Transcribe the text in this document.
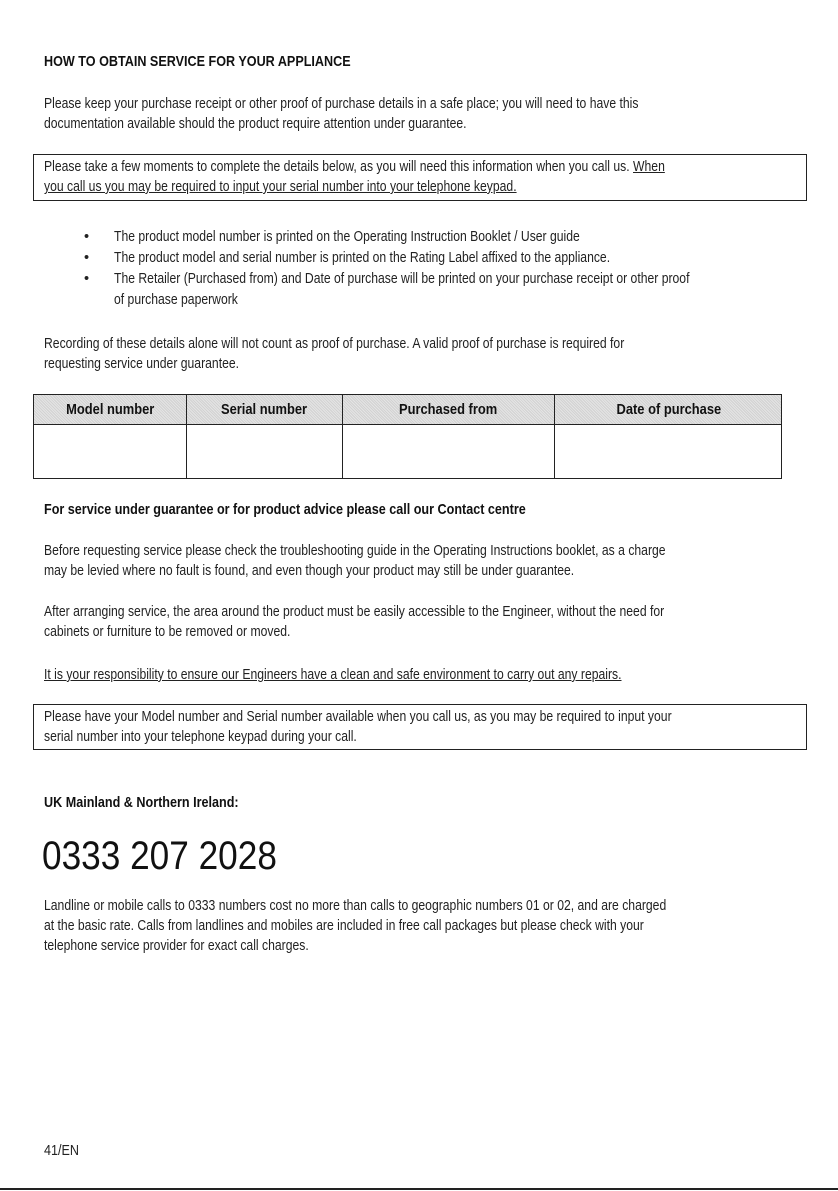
HOW TO OBTAIN SERVICE FOR YOUR APPLIANCE
Please keep your purchase receipt or other proof of purchase details in a safe place; you will need to have this
documentation available should the product require attention under guarantee.
Please take a few moments to complete the details below, as you will need this information when you call us. When
you call us you may be required to input your serial number into your telephone keypad.
• The product model number is printed on the Operating Instruction Booklet / User guide
• The product model and serial number is printed on the Rating Label affixed to the appliance.
• The Retailer (Purchased from) and Date of purchase will be printed on your purchase receipt or other proof
of purchase paperwork
Recording of these details alone will not count as proof of purchase. A valid proof of purchase is required for
requesting service under guarantee.
Model number	Serial number	Purchased from	Date of purchase
For service under guarantee or for product advice please call our Contact centre
Before requesting service please check the troubleshooting guide in the Operating Instructions booklet, as a charge
may be levied where no fault is found, and even though your product may still be under guarantee.
After arranging service, the area around the product must be easily accessible to the Engineer, without the need for
cabinets or furniture to be removed or moved.
It is your responsibility to ensure our Engineers have a clean and safe environment to carry out any repairs.
Please have your Model number and Serial number available when you call us, as you may be required to input your
serial number into your telephone keypad during your call.
UK Mainland & Northern Ireland:
0333 207 2028
Landline or mobile calls to 0333 numbers cost no more than calls to geographic numbers 01 or 02, and are charged
at the basic rate. Calls from landlines and mobiles are included in free call packages but please check with your
telephone service provider for exact call charges.
41/EN
